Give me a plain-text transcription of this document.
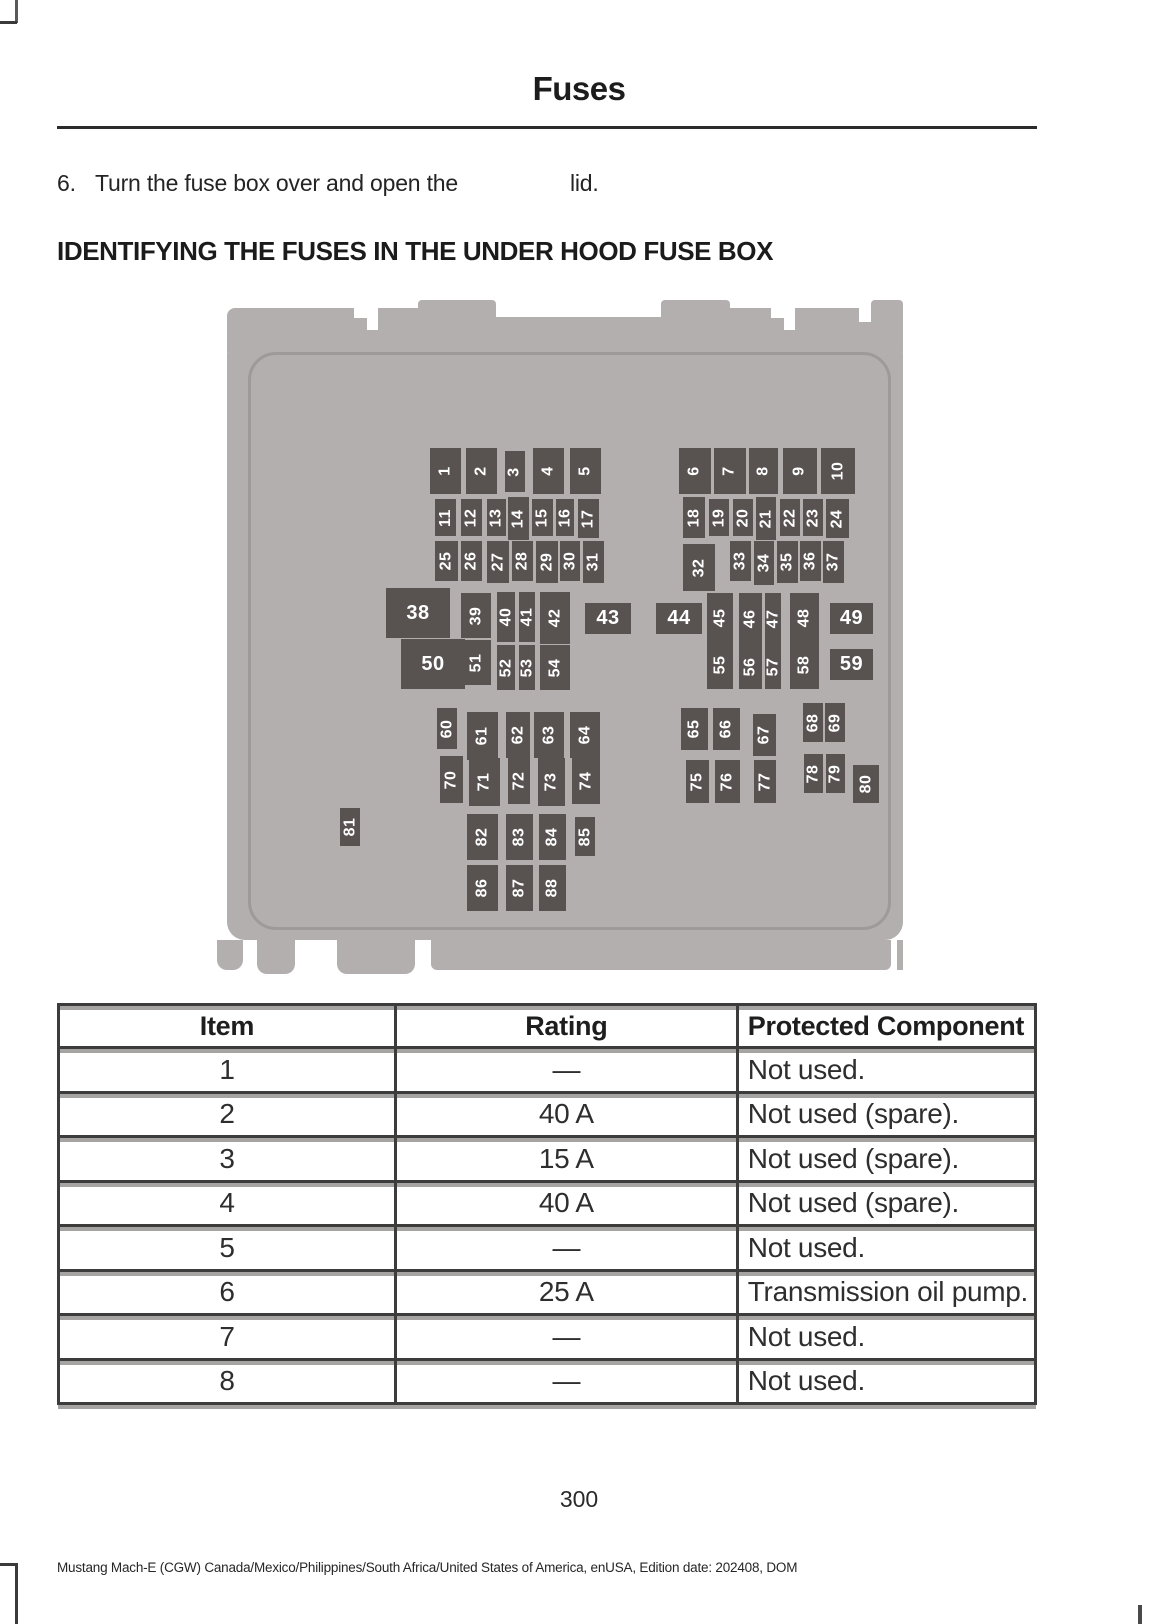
Fuses
6. Turn the fuse box over and open the	lid.
IDENTIFYING THE FUSES IN THE UNDER HOOD FUSE BOX
1 2 3 4 5	6 7 8 9 10
11 12 13 14 15 16 17	18 19 20 21 22 23 24
25 26 27 28 29 30 31	32 33 34 35 36 37
38 39 40 41 42 43 44 45 46 47 48 49
50 51 52 53 54	55 56 57 58 59
60 61 62 63 64	65 66 67
68 69
70 71 72 73 74	75 76 77 78 79
80
81
82 83 84 85
86 87 88
Item	Rating	Protected Component
1	—	Not used.
2	40 A	Not used (spare).
3	15 A	Not used (spare).
4	40 A	Not used (spare).
5	—	Not used.
6	25 A	Transmission oil pump.
7	—	Not used.
8	—	Not used.
300
Mustang Mach-E (CGW) Canada/Mexico/Philippines/South Africa/United States of America, enUSA, Edition date: 202408, DOM
